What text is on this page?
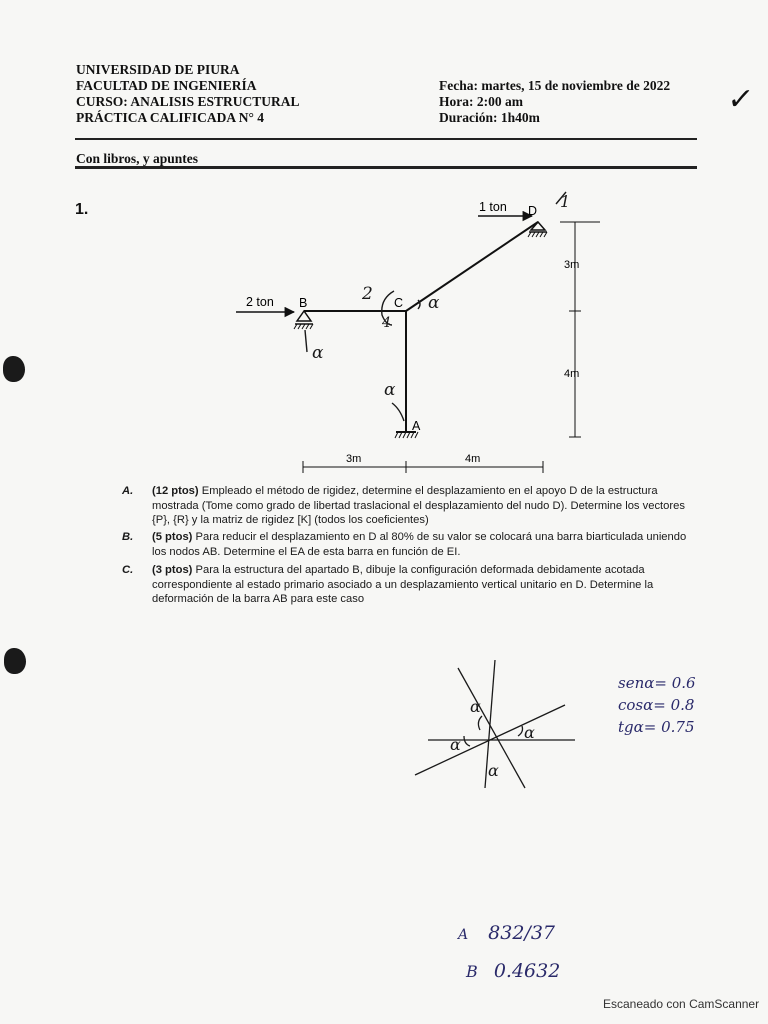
UNIVERSIDAD DE PIURA
FACULTAD DE INGENIERÍA
CURSO: ANALISIS ESTRUCTURAL
PRÁCTICA CALIFICADA N° 4
Fecha: martes, 15 de noviembre de 2022
Hora: 2:00 am
Duración: 1h40m
✓
Con libros, y apuntes
1.	1 ton D
2 ton B	C
A
3m
4m
3m	4m
2	α
4
α
α
1
A. (12 ptos) Empleado el método de rigidez, determine el desplazamiento en el apoyo D de la estructura mostrada (Tome como grado de libertad traslacional el desplazamiento del nudo D). Determine los vectores {P}, {R} y la matriz de rigidez [K] (todos los coeficientes)
B. (5 ptos) Para reducir el desplazamiento en D al 80% de su valor se colocará una barra biarticulada uniendo los nodos AB. Determine el EA de esta barra en función de EI.
C. (3 ptos) Para la estructura del apartado B, dibuje la configuración deformada debidamente acotada correspondiente al estado primario asociado a un desplazamiento vertical unitario en D. Determine la deformación de la barra AB para este caso
α
α
α
α
senα= 0.6
cosα= 0.8
tgα= 0.75
A 832/37
B 0.4632
Escaneado con CamScanner
